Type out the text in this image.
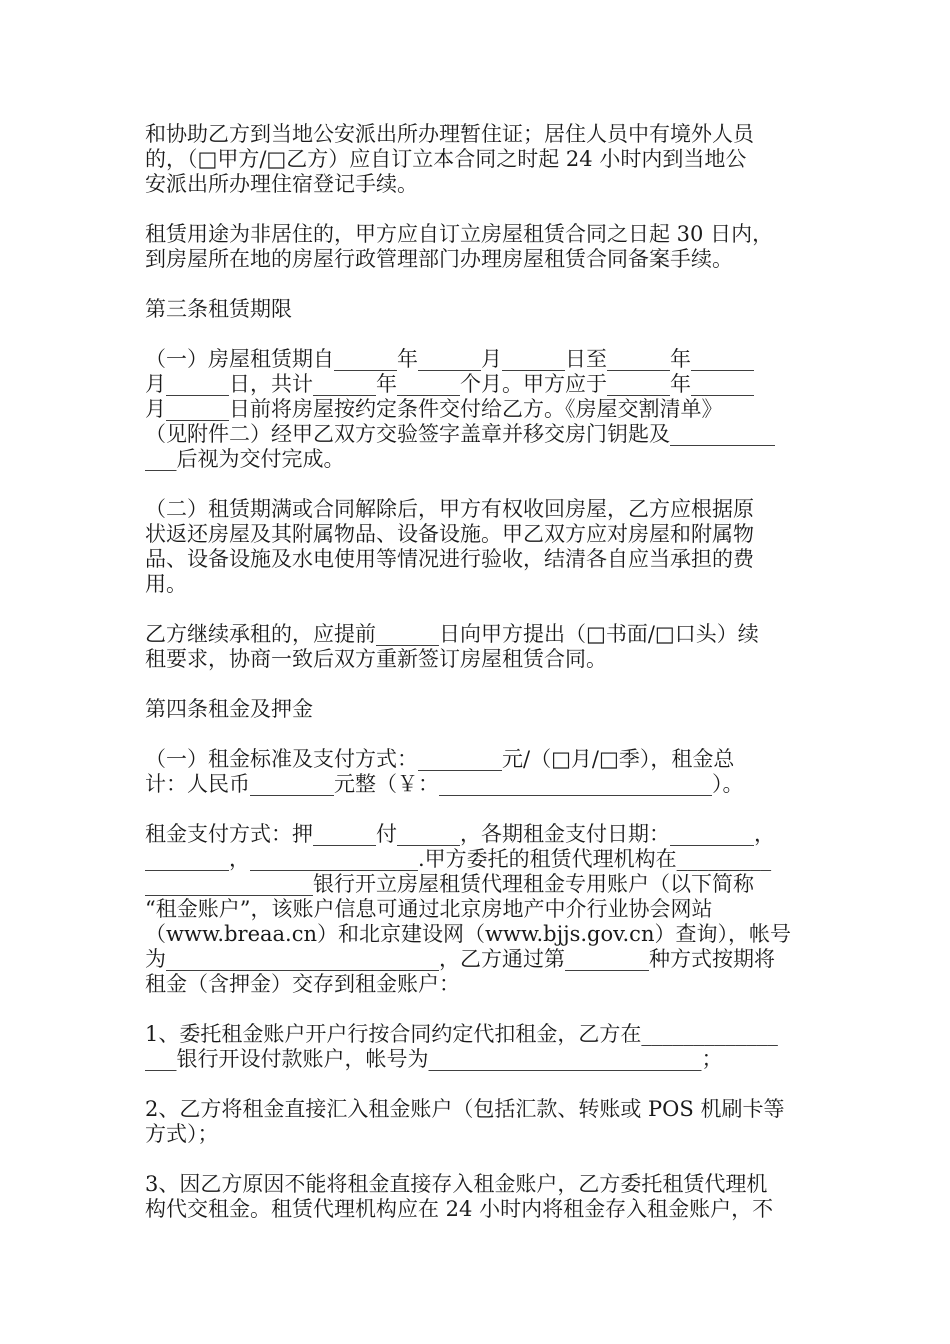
和协助乙方到当地公安派出所办理暂住证；居住人员中有境外人员
的，（□甲方/□乙方）应自订立本合同之时起 24 小时内到当地公
安派出所办理住宿登记手续。
租赁用途为非居住的，甲方应自订立房屋租赁合同之日起 30 日内，
到房屋所在地的房屋行政管理部门办理房屋租赁合同备案手续。
第三条租赁期限
（一）房屋租赁期自______年______月______日至______年______
月______日，共计______年______个月。甲方应于______年______
月______日前将房屋按约定条件交付给乙方。《房屋交割清单》
（见附件二）经甲乙双方交验签字盖章并移交房门钥匙及__________
___后视为交付完成。
（二）租赁期满或合同解除后，甲方有权收回房屋，乙方应根据原
状返还房屋及其附属物品、设备设施。甲乙双方应对房屋和附属物
品、设备设施及水电使用等情况进行验收，结清各自应当承担的费
用。
乙方继续承租的，应提前______日向甲方提出（□书面/□口头）续
租要求，协商一致后双方重新签订房屋租赁合同。
第四条租金及押金
（一）租金标准及支付方式：________元/（□月/□季），租金总
计：人民币________元整（￥：__________________________）。
租金支付方式：押______付______，各期租金支付日期：________，
________，________________.甲方委托的租赁代理机构在_________
________________银行开立房屋租赁代理租金专用账户（以下简称
“租金账户”，该账户信息可通过北京房地产中介行业协会网站
（www.breaa.cn）和北京建设网（www.bjjs.gov.cn）查询），帐号
为__________________________，乙方通过第________种方式按期将
租金（含押金）交存到租金账户：
1、委托租金账户开户行按合同约定代扣租金，乙方在_____________
___银行开设付款账户，帐号为__________________________；
2、乙方将租金直接汇入租金账户（包括汇款、转账或 POS 机刷卡等
方式）；
3、因乙方原因不能将租金直接存入租金账户，乙方委托租赁代理机
构代交租金。租赁代理机构应在 24 小时内将租金存入租金账户，不
